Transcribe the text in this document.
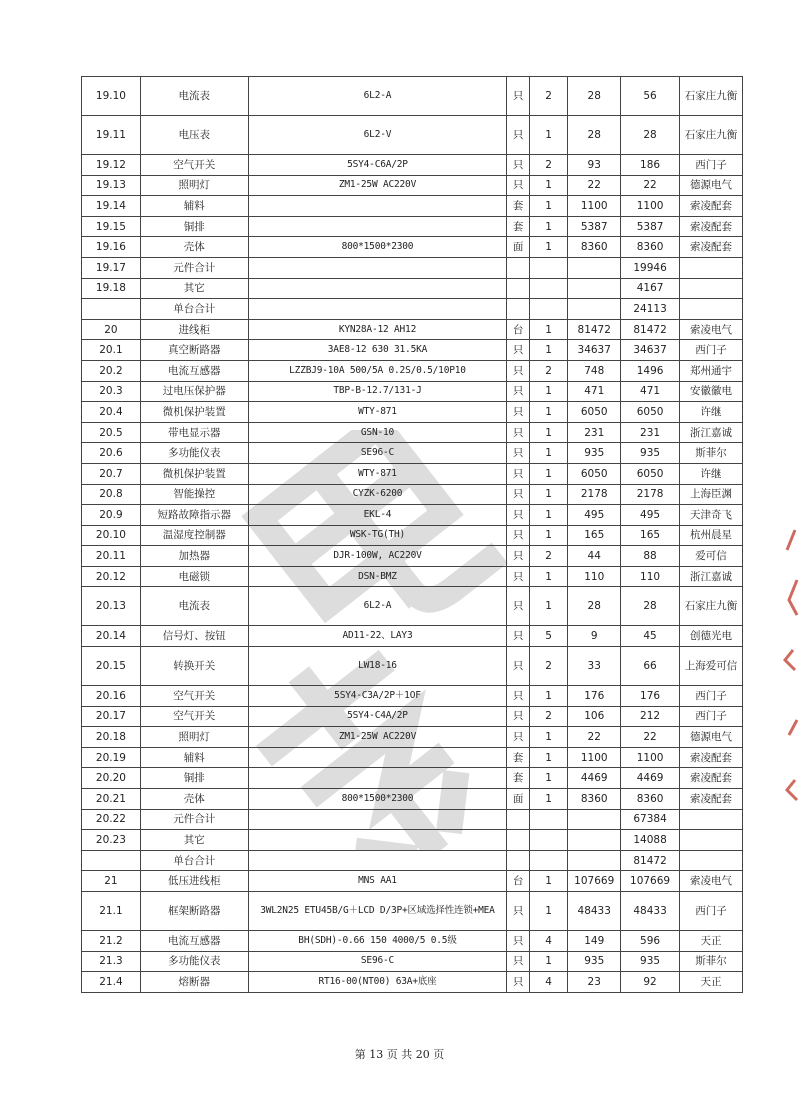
19.10	电流表	6L2-A	只	2	28	56	石家庄九衡
19.11	电压表	6L2-V	只	1	28	28	石家庄九衡
19.12	空气开关	5SY4-C6A/2P	只	2	93	186	西门子
19.13	照明灯	ZM1-25W AC220V	只	1	22	22	德源电气
19.14	辅料		套	1	1100	1100	索凌配套
19.15	铜排		套	1	5387	5387	索凌配套
19.16	壳体	800*1500*2300	面	1	8360	8360	索凌配套
19.17	元件合计					19946	
19.18	其它					4167	
	单台合计					24113	
20	进线柜	KYN28A-12 AH12	台	1	81472	81472	索凌电气
20.1	真空断路器	3AE8-12 630 31.5KA	只	1	34637	34637	西门子
20.2	电流互感器	LZZBJ9-10A 500/5A 0.2S/0.5/10P10	只	2	748	1496	郑州通宇
20.3	过电压保护器	TBP-B-12.7/131-J	只	1	471	471	安徽徽电
20.4	微机保护装置	WTY-871	只	1	6050	6050	许继
20.5	带电显示器	GSN-10	只	1	231	231	浙江嘉诚
20.6	多功能仪表	SE96-C	只	1	935	935	斯菲尔
20.7	微机保护装置	WTY-871	只	1	6050	6050	许继
20.8	智能操控	CYZK-6200	只	1	2178	2178	上海臣渊
20.9	短路故障指示器	EKL-4	只	1	495	495	天津奇飞
20.10	温湿度控制器	WSK-TG(TH)	只	1	165	165	杭州晨星
20.11	加热器	DJR-100W, AC220V	只	2	44	88	爱可信
20.12	电磁锁	DSN-BMZ	只	1	110	110	浙江嘉诚
20.13	电流表	6L2-A	只	1	28	28	石家庄九衡
20.14	信号灯、按钮	AD11-22、LAY3	只	5	9	45	创德光电
20.15	转换开关	LW18-16	只	2	33	66	上海爱可信
20.16	空气开关	5SY4-C3A/2P＋1OF	只	1	176	176	西门子
20.17	空气开关	5SY4-C4A/2P	只	2	106	212	西门子
20.18	照明灯	ZM1-25W AC220V	只	1	22	22	德源电气
20.19	辅料		套	1	1100	1100	索凌配套
20.20	铜排		套	1	4469	4469	索凌配套
20.21	壳体	800*1500*2300	面	1	8360	8360	索凌配套
20.22	元件合计					67384	
20.23	其它					14088	
	单台合计					81472	
21	低压进线柜	MNS AA1	台	1	107669	107669	索凌电气
21.1	框架断路器	3WL2N25 ETU45B/G＋LCD D/3P+区域选择性连锁+MEA	只	1	48433	48433	西门子
21.2	电流互感器	BH(SDH)-0.66 150 4000/5 0.5级	只	4	149	596	天正
21.3	多功能仪表	SE96-C	只	1	935	935	斯菲尔
21.4	熔断器	RT16-00(NT00) 63A+底座	只	4	23	92	天正
第 13 页 共 20 页
